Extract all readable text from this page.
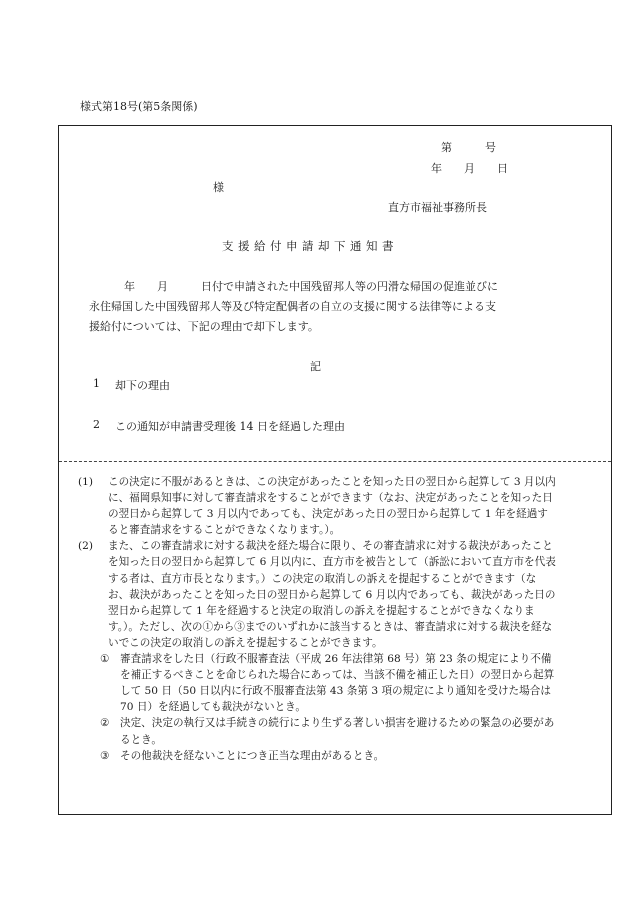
様式第18号(第5条関係)
第　　　号
年　　月　　日
様
直方市福祉事務所長
支援給付申請却下通知書
年　　月　　　日付で申請された中国残留邦人等の円滑な帰国の促進並びに
永住帰国した中国残留邦人等及び特定配偶者の自立の支援に関する法律等による支
援給付については、下記の理由で却下します。
記
1 却下の理由
2 この通知が申請書受理後 14 日を経過した理由
(1) この決定に不服があるときは、この決定があったことを知った日の翌日から起算して 3 月以内に、福岡県知事に対して審査請求をすることができます（なお、決定があったことを知った日の翌日から起算して 3 月以内であっても、決定があった日の翌日から起算して 1 年を経過すると審査請求をすることができなくなります。）。
(2) また、この審査請求に対する裁決を経た場合に限り、その審査請求に対する裁決があったことを知った日の翌日から起算して 6 月以内に、直方市を被告として（訴訟において直方市を代表する者は、直方市長となります。）この決定の取消しの訴えを提起することができます（なお、裁決があったことを知った日の翌日から起算して 6 月以内であっても、裁決があった日の翌日から起算して 1 年を経過すると決定の取消しの訴えを提起することができなくなります。）。ただし、次の①から③までのいずれかに該当するときは、審査請求に対する裁決を経ないでこの決定の取消しの訴えを提起することができます。
① 審査請求をした日（行政不服審査法（平成 26 年法律第 68 号）第 23 条の規定により不備を補正するべきことを命じられた場合にあっては、当該不備を補正した日）の翌日から起算して 50 日（50 日以内に行政不服審査法第 43 条第 3 項の規定により通知を受けた場合は 70 日）を経過しても裁決がないとき。
② 決定、決定の執行又は手続きの続行により生ずる著しい損害を避けるための緊急の必要があるとき。
③ その他裁決を経ないことにつき正当な理由があるとき。
